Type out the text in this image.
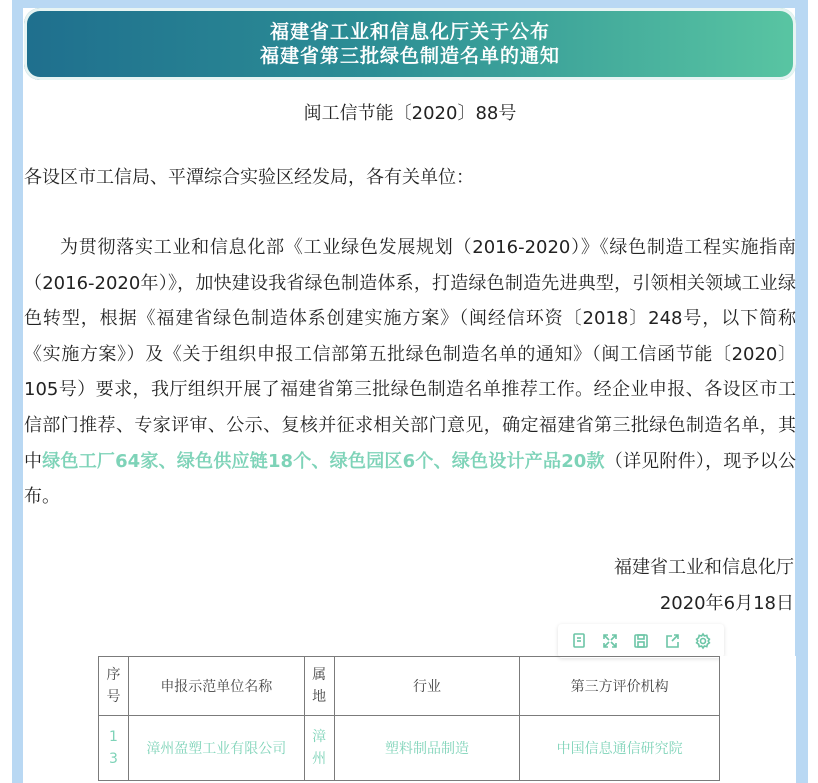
福建省工业和信息化厅关于公布
福建省第三批绿色制造名单的通知
闽工信节能〔2020〕88号
各设区市工信局、平潭综合实验区经发局，各有关单位：

为贯彻落实工业和信息化部《工业绿色发展规划（2016-2020）》《绿色制造工程实施指南（2016-2020年）》，加快建设我省绿色制造体系，打造绿色制造先进典型，引领相关领域工业绿色转型，根据《福建省绿色制造体系创建实施方案》（闽经信环资〔2018〕248号，以下简称《实施方案》）及《关于组织申报工信部第五批绿色制造名单的通知》（闽工信函节能〔2020〕105号）要求，我厅组织开展了福建省第三批绿色制造名单推荐工作。经企业申报、各设区市工信部门推荐、专家评审、公示、复核并征求相关部门意见，确定福建省第三批绿色制造名单，其中绿色工厂64家、绿色供应链18个、绿色园区6个、绿色设计产品20款（详见附件），现予以公布。

福建省工业和信息化厅
2020年6月18日
序号	申报示范单位名称	属地	行业	第三方评价机构
13	漳州盈塑工业有限公司	漳州	塑料制品制造	中国信息通信研究院
